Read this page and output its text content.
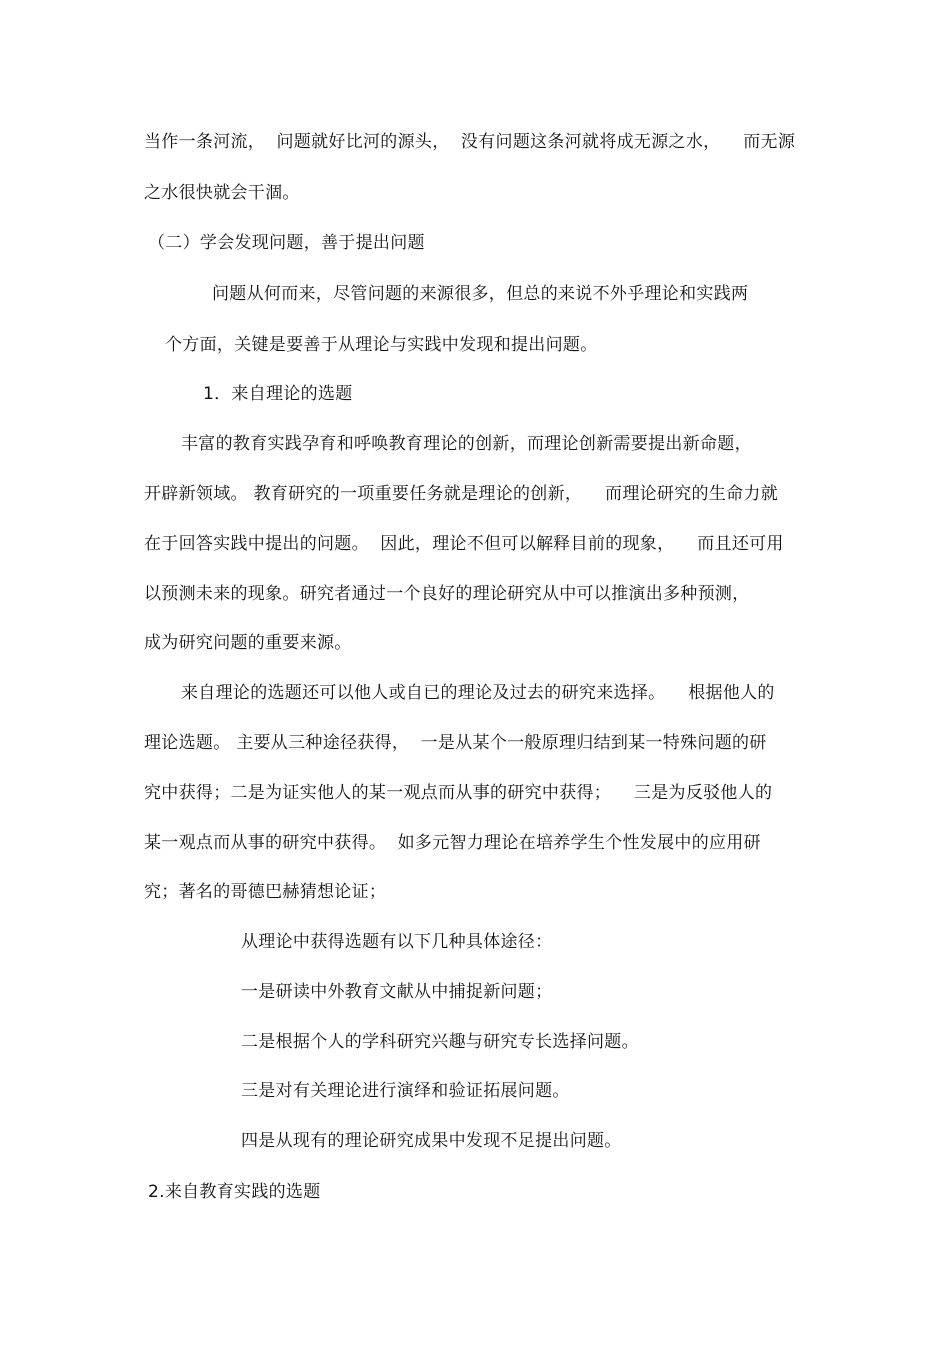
当作一条河流，  问题就好比河的源头，  没有问题这条河就将成无源之水，    而无源
之水很快就会干涸。
（二）学会发现问题，善于提出问题
问题从何而来，尽管问题的来源很多，但总的来说不外乎理论和实践两
个方面，关键是要善于从理论与实践中发现和提出问题。
1．来自理论的选题
丰富的教育实践孕育和呼唤教育理论的创新，而理论创新需要提出新命题，
开辟新领域。 教育研究的一项重要任务就是理论的创新，    而理论研究的生命力就
在于回答实践中提出的问题。  因此，理论不但可以解释目前的现象，    而且还可用
以预测未来的现象。研究者通过一个良好的理论研究从中可以推演出多种预测，
成为研究问题的重要来源。
来自理论的选题还可以他人或自已的理论及过去的研究来选择。    根据他人的
理论选题。 主要从三种途径获得，  一是从某个一般原理归结到某一特殊问题的研
究中获得；二是为证实他人的某一观点而从事的研究中获得；    三是为反驳他人的
某一观点而从事的研究中获得。  如多元智力理论在培养学生个性发展中的应用研
究；著名的哥德巴赫猜想论证；
从理论中获得选题有以下几种具体途径：
一是研读中外教育文献从中捕捉新问题；
二是根据个人的学科研究兴趣与研究专长选择问题。
三是对有关理论进行演绎和验证拓展问题。
四是从现有的理论研究成果中发现不足提出问题。
2.来自教育实践的选题
